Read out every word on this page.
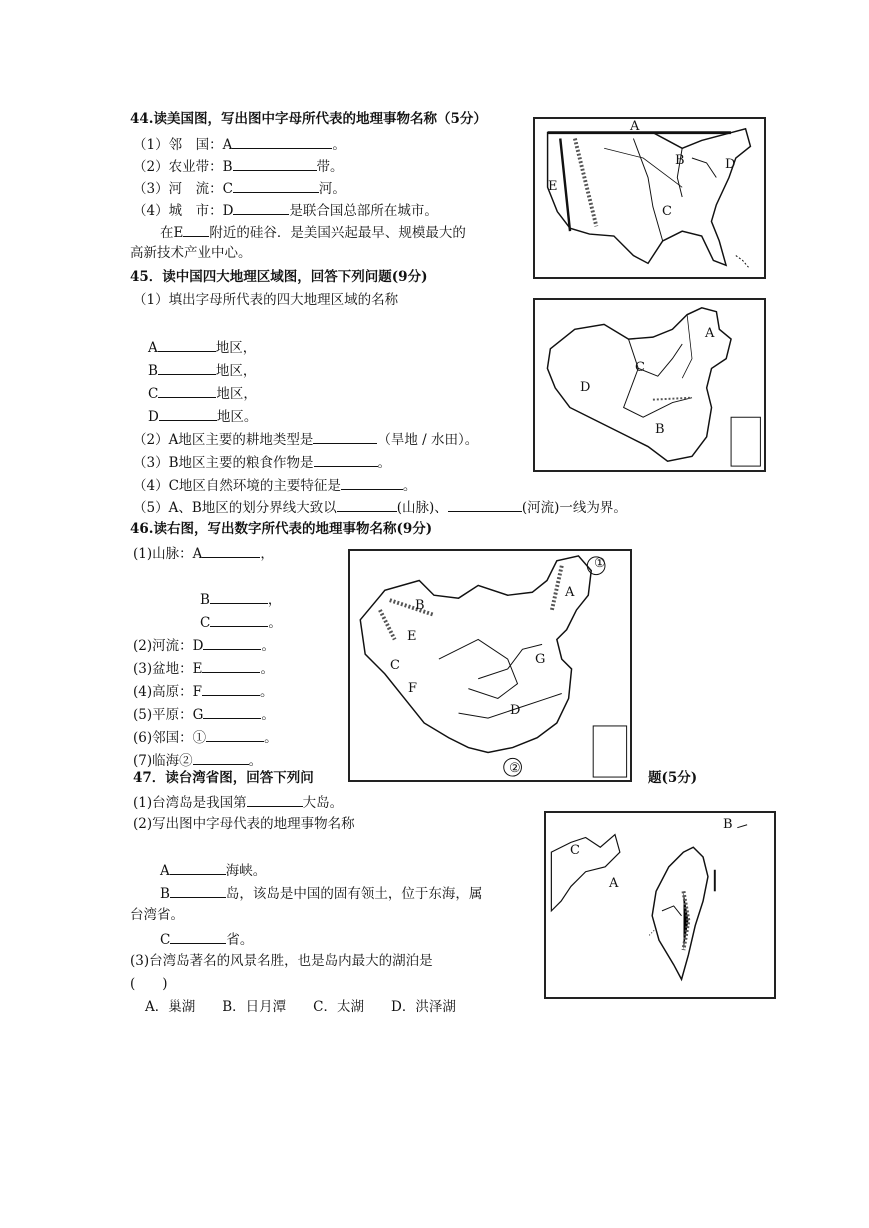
44.读美国图，写出图中字母所代表的地理事物名称（5分）
（1）邻　国：A	。
（2）农业带：B	带。
（3）河　流：C	河。
（4）城　市：D	是联合国总部所在城市。
在E 附近的硅谷．是美国兴起最早、规模最大的
高新技术产业中心。
A
B
C
D
E
45．读中国四大地理区域图，回答下列问题(9分)
（1）填出字母所代表的四大地理区域的名称
A	地区，
B	地区，
C	地区，
D	地区。
（2）A地区主要的耕地类型是	（旱地 / 水田）。
（3）B地区主要的粮食作物是	。
（4）C地区自然环境的主要特征是	。
（5）A、B地区的划分界线大致以	(山脉)、	(河流)一线为界。
A
B
C
D
46.读右图，写出数字所代表的地理事物名称(9分)
(1)山脉：A	，
B	，
C	。
(2)河流：D	。
(3)盆地：E	。
(4)高原：F	。
(5)平原：G	。
(6)邻国：①	。
(7)临海②	。
A
B
C
D
E
F
G
①
②
47．读台湾省图，回答下列问	题(5分)
(1)台湾岛是我国第	大岛。
(2)写出图中字母代表的地理事物名称
A	海峡。
B	岛，该岛是中国的固有领土，位于东海，属
台湾省。
C	省。
(3)台湾岛著名的风景名胜，也是岛内最大的湖泊是
(　　)
A．巢湖　　B．日月潭　　C．太湖　　D．洪泽湖
B
C
A
